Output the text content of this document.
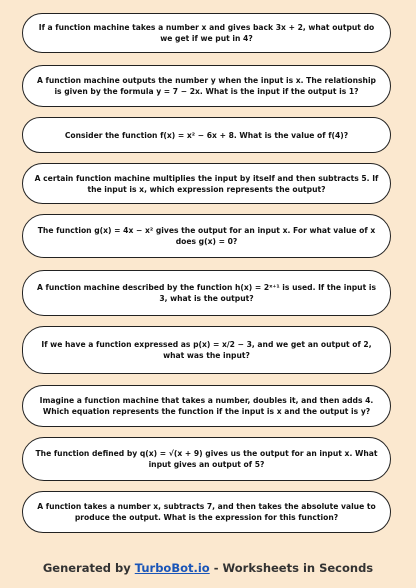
If a function machine takes a number x and gives back 3x + 2, what output do we get if we put in 4?
A function machine outputs the number y when the input is x. The relationship is given by the formula y = 7 − 2x. What is the input if the output is 1?
Consider the function f(x) = x² − 6x + 8. What is the value of f(4)?
A certain function machine multiplies the input by itself and then subtracts 5. If the input is x, which expression represents the output?
The function g(x) = 4x − x² gives the output for an input x. For what value of x does g(x) = 0?
A function machine described by the function h(x) = 2ˣ⁺¹ is used. If the input is 3, what is the output?
If we have a function expressed as p(x) = x/2 − 3, and we get an output of 2, what was the input?
Imagine a function machine that takes a number, doubles it, and then adds 4. Which equation represents the function if the input is x and the output is y?
The function defined by q(x) = √(x + 9) gives us the output for an input x. What input gives an output of 5?
A function takes a number x, subtracts 7, and then takes the absolute value to produce the output. What is the expression for this function?
Generated by TurboBot.io - Worksheets in Seconds
